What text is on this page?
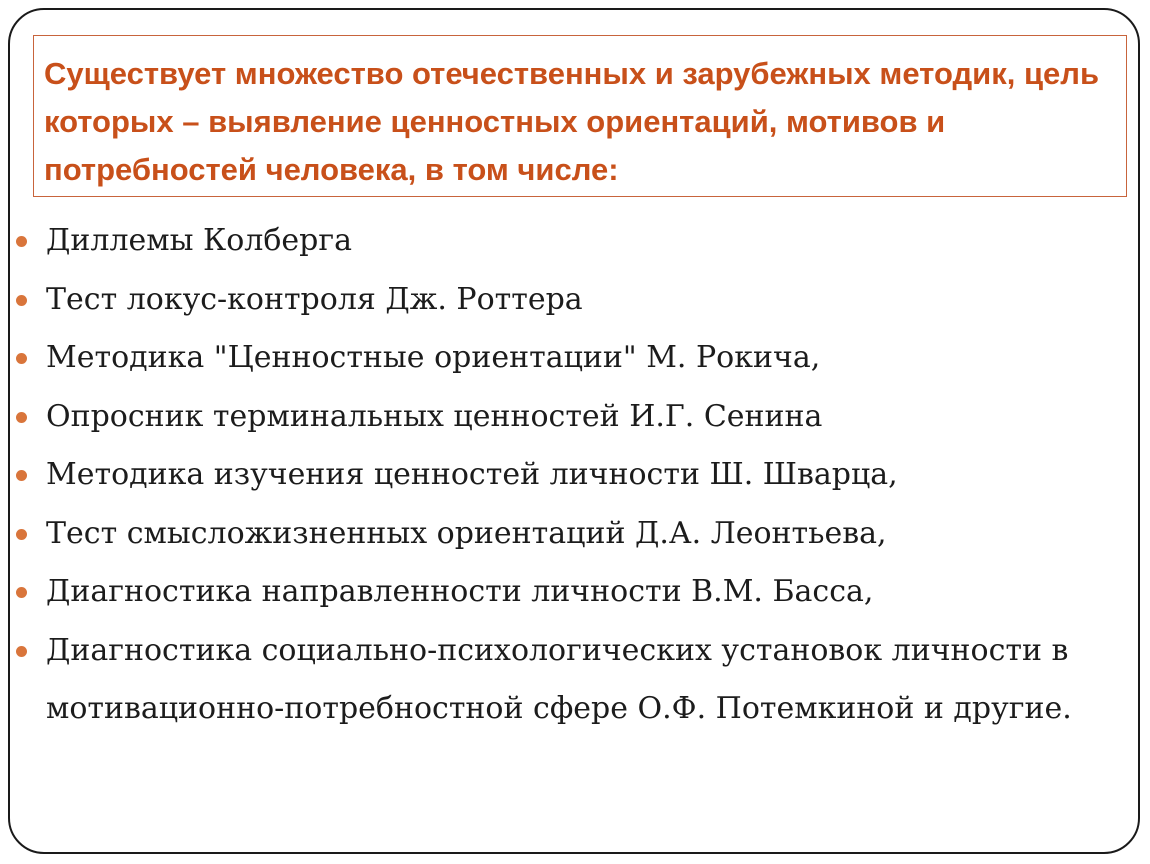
Существует множество отечественных и зарубежных методик, цель которых – выявление ценностных ориентаций, мотивов и потребностей человека, в том числе:

Диллемы Колберга
Тест локус-контроля Дж. Роттера
Методика "Ценностные ориентации" М. Рокича,
Опросник терминальных ценностей И.Г. Сенина
Методика изучения ценностей личности Ш. Шварца,
Тест смысложизненных ориентаций Д.А. Леонтьева,
Диагностика направленности личности В.М. Басса,
Диагностика социально-психологических установок личности в мотивационно-потребностной сфере О.Ф. Потемкиной и другие.
